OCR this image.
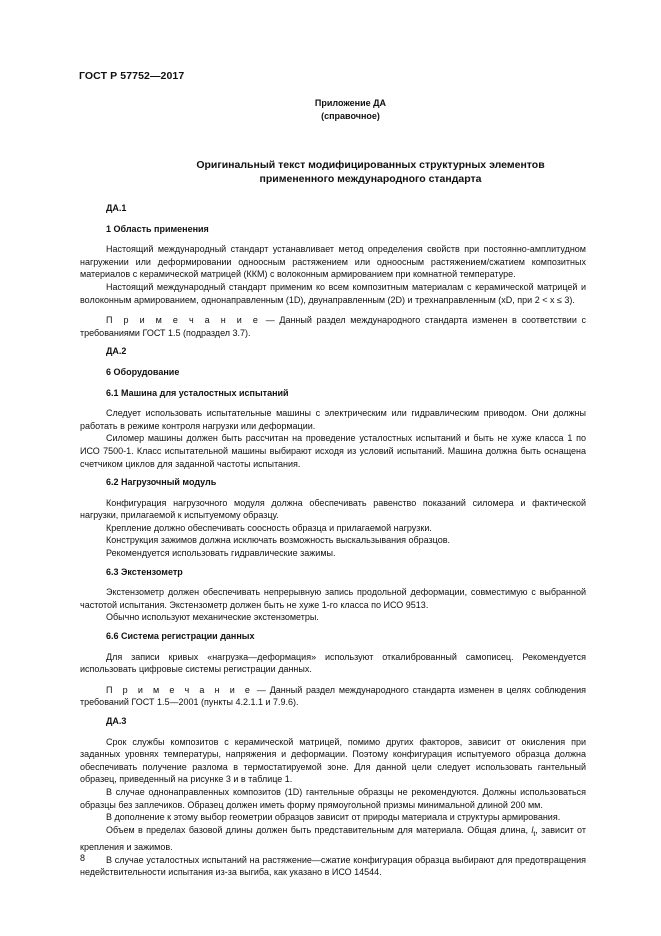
ГОСТ Р 57752—2017
Приложение ДА
(справочное)
Оригинальный текст модифицированных структурных элементов
примененного международного стандарта
ДА.1
1 Область применения

Настоящий международный стандарт устанавливает метод определения свойств при постоянно-амплитудном нагружении или деформировании одноосным растяжением или одноосным растяжением/сжатием композитных материалов с керамической матрицей (ККМ) с волоконным армированием при комнатной температуре.

Настоящий международный стандарт применим ко всем композитным материалам с керамической матрицей и волоконным армированием, однонаправленным (1D), двунаправленным (2D) и трехнаправленным (xD, при 2 < x ≤ 3).

П р и м е ч а н и е — Данный раздел международного стандарта изменен в соответствии с требованиями ГОСТ 1.5 (подраздел 3.7).

ДА.2
6 Оборудование
6.1 Машина для усталостных испытаний

Следует использовать испытательные машины с электрическим или гидравлическим приводом. Они должны работать в режиме контроля нагрузки или деформации.

Силомер машины должен быть рассчитан на проведение усталостных испытаний и быть не хуже класса 1 по ИСО 7500-1. Класс испытательной машины выбирают исходя из условий испытаний. Машина должна быть оснащена счетчиком циклов для заданной частоты испытания.

6.2 Нагрузочный модуль

Конфигурация нагрузочного модуля должна обеспечивать равенство показаний силомера и фактической нагрузки, прилагаемой к испытуемому образцу.

Крепление должно обеспечивать соосность образца и прилагаемой нагрузки.

Конструкция зажимов должна исключать возможность выскальзывания образцов.

Рекомендуется использовать гидравлические зажимы.

6.3 Экстензометр

Экстензометр должен обеспечивать непрерывную запись продольной деформации, совместимую с выбранной частотой испытания. Экстензометр должен быть не хуже 1-го класса по ИСО 9513.

Обычно используют механические экстензометры.

6.6 Система регистрации данных

Для записи кривых «нагрузка—деформация» используют откалиброванный самописец. Рекомендуется использовать цифровые системы регистрации данных.

П р и м е ч а н и е — Данный раздел международного стандарта изменен в целях соблюдения требований ГОСТ 1.5—2001 (пункты 4.2.1.1 и 7.9.6).

ДА.3

Срок службы композитов с керамической матрицей, помимо других факторов, зависит от окисления при заданных уровнях температуры, напряжения и деформации. Поэтому конфигурация испытуемого образца должна обеспечивать получение разлома в термостатируемой зоне. Для данной цели следует использовать гантельный образец, приведенный на рисунке 3 и в таблице 1.

В случае однонаправленных композитов (1D) гантельные образцы не рекомендуются. Должны использоваться образцы без заплечиков. Образец должен иметь форму прямоугольной призмы минимальной длиной 200 мм.

В дополнение к этому выбор геометрии образцов зависит от природы материала и структуры армирования.

Объем в пределах базовой длины должен быть представительным для материала. Общая длина, $l_t$, зависит от крепления и зажимов.

В случае усталостных испытаний на растяжение—сжатие конфигурация образца выбирают для предотвращения недействительности испытания из-за выгиба, как указано в ИСО 14544.

8
